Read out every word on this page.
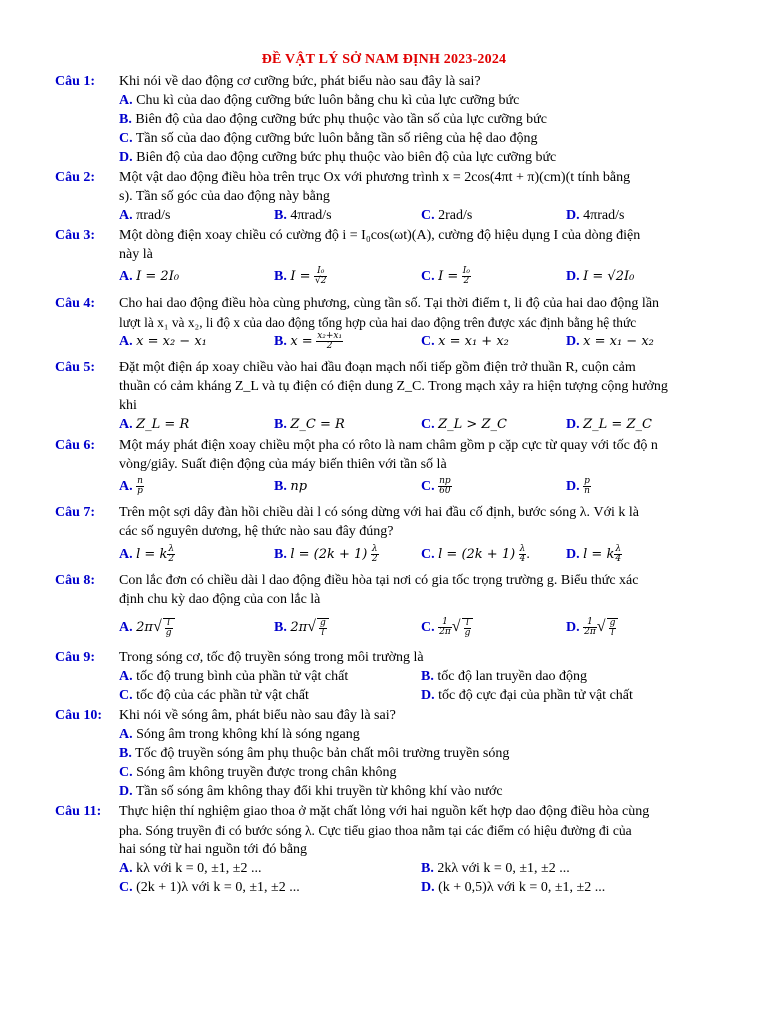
ĐỀ VẬT LÝ SỞ NAM ĐỊNH 2023-2024
Câu 1:	Khi nói về dao động cơ cưỡng bức, phát biểu nào sau đây là sai?
A. Chu kì của dao động cưỡng bức luôn bằng chu kì của lực cưỡng bức
B. Biên độ của dao động cưỡng bức phụ thuộc vào tần số của lực cưỡng bức
C. Tần số của dao động cưỡng bức luôn bằng tần số riêng của hệ dao động
D. Biên độ của dao động cưỡng bức phụ thuộc vào biên độ của lực cưỡng bức
Câu 2:	Một vật dao động điều hòa trên trục Ox với phương trình x = 2cos(4πt + π)(cm)(t tính bằng
s). Tần số góc của dao động này bằng
A. πrad/s	B. 4πrad/s	C. 2rad/s	D. 4πrad/s
Câu 3:	Một dòng điện xoay chiều có cường độ i = I₀cos(ωt)(A), cường độ hiệu dụng I của dòng điện
này là
A. I = 2I₀	B. $I = \frac{\text{I₀}}{√2}$	C. $I = \frac{\text{I₀}}{2}$	D. I = √2I₀
Câu 4:	Cho hai dao động điều hòa cùng phương, cùng tần số. Tại thời điểm t, li độ của hai dao động lần
lượt là x₁ và x₂, li độ x của dao động tổng hợp của hai dao động trên được xác định bằng hệ thức
A. x = x₂ − x₁	B. $x = \frac{\text{x₂+x₁}}{2}$	C. x = x₁ + x₂	D. x = x₁ − x₂
Câu 5:	Đặt một điện áp xoay chiều vào hai đầu đoạn mạch nối tiếp gồm điện trở thuần R, cuộn cảm
thuần có cảm kháng Z_L và tụ điện có điện dung Z_C. Trong mạch xảy ra hiện tượng cộng hưởng
khi
A. Z_L = R	B. Z_C = R	C. Z_L > Z_C	D. Z_L = Z_C
Câu 6:	Một máy phát điện xoay chiều một pha có rôto là nam châm gồm p cặp cực từ quay với tốc độ n
vòng/giây. Suất điện động của máy biến thiên với tần số là
A. $\frac{n}{p}$	B. np	C. $\frac{np}{60}$	D. $\frac{p}{n}$
Câu 7:	Trên một sợi dây đàn hồi chiều dài l có sóng dừng với hai đầu cố định, bước sóng λ. Với k là
các số nguyên dương, hệ thức nào sau đây đúng?
A. l = k $\frac{\lambda}{2}$	B. $l = (2k + 1) \frac{\lambda}{2}$	C. $l = (2k + 1) \frac{\lambda}{4}$ .	D. l = k $\frac{\lambda}{4}$
Câu 8:	Con lắc đơn có chiều dài l dao động điều hòa tại nơi có gia tốc trọng trường g. Biểu thức xác
định chu kỳ dao động của con lắc là
A. $2\pi√ \frac{l}{g}$	B. $2\pi√ \frac{g}{l}$	C. $\frac{1}{2\pi}$ √ $\frac{l}{g}$	D. $\frac{1}{2\pi}$ √ $\frac{g}{l}$
Câu 9:	Trong sóng cơ, tốc độ truyền sóng trong môi trường là
A. tốc độ trung bình của phần tử vật chất	B. tốc độ lan truyền dao động
C. tốc độ của các phần tử vật chất	D. tốc độ cực đại của phần tử vật chất
Câu 10:	Khi nói về sóng âm, phát biểu nào sau đây là sai?
A. Sóng âm trong không khí là sóng ngang
B. Tốc độ truyền sóng âm phụ thuộc bản chất môi trường truyền sóng
C. Sóng âm không truyền được trong chân không
D. Tần số sóng âm không thay đổi khi truyền từ không khí vào nước
Câu 11:	Thực hiện thí nghiệm giao thoa ở mặt chất lỏng với hai nguồn kết hợp dao động điều hòa cùng
pha. Sóng truyền đi có bước sóng λ. Cực tiểu giao thoa nằm tại các điểm có hiệu đường đi của
hai sóng từ hai nguồn tới đó bằng
A. kλ với k = 0, ±1, ±2 ...	B. 2kλ với k = 0, ±1, ±2 ...
C. (2k + 1)λ với k = 0, ±1, ±2 ...	D. (k + 0,5)λ với k = 0, ±1, ±2 ...
